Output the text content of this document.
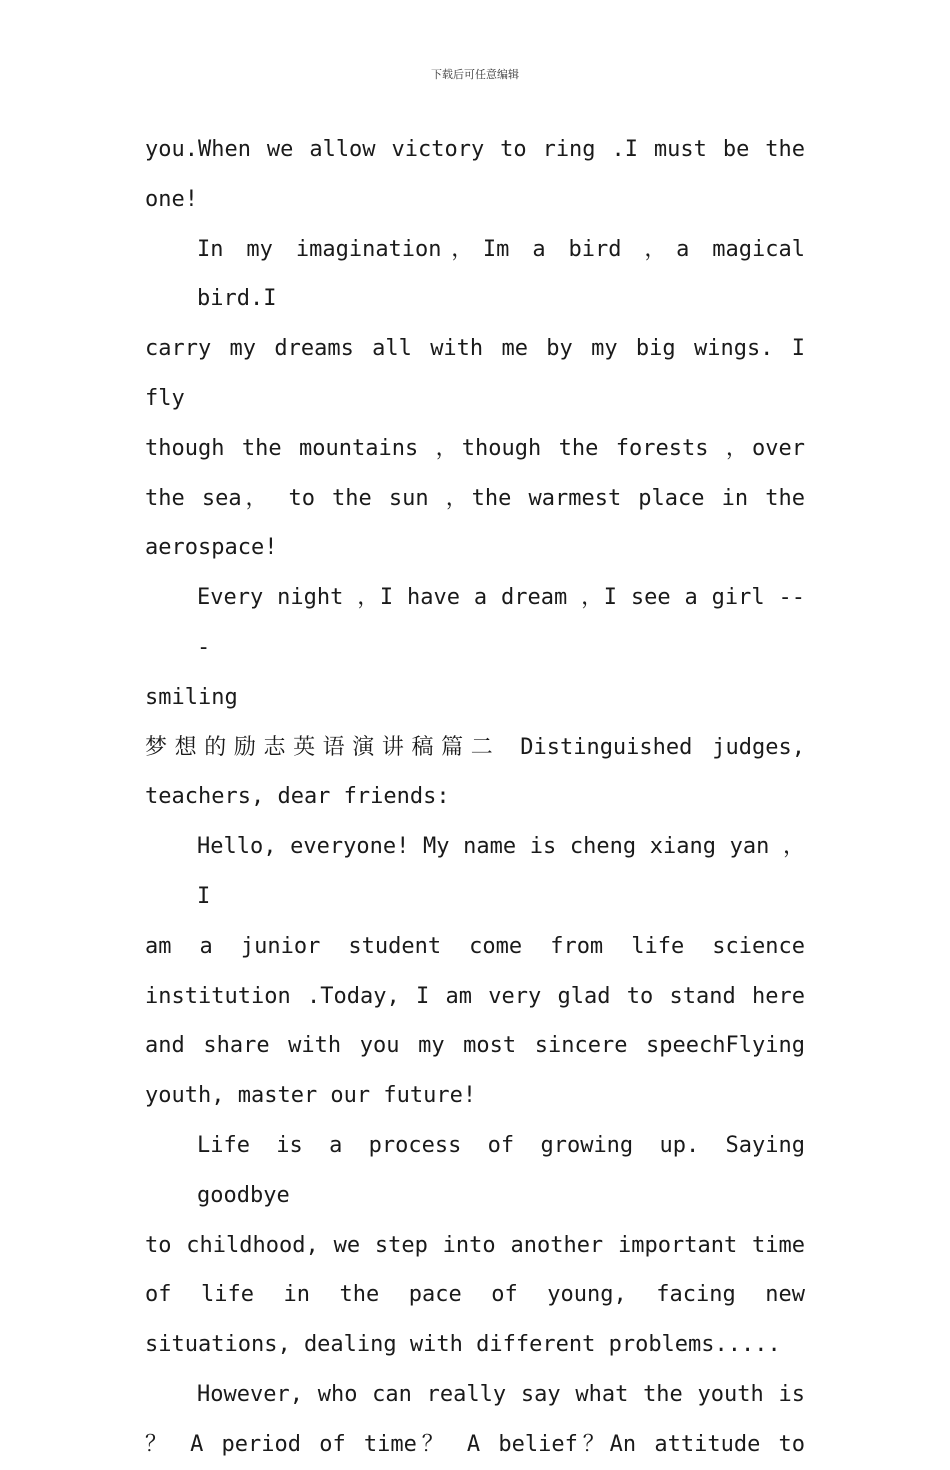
下载后可任意编辑
you.When we allow victory to ring .I must be the
one!
In my imagination，Im a bird ，a magical bird.I
carry my dreams all with me by my big wings. I fly
though the mountains ，though the forests ，over
the sea， to the sun ，the warmest place in the
aerospace!
Every night ，I have a dream ，I see a girl ---
smiling
梦想的励志英语演讲稿篇二 Distinguished judges,
teachers, dear friends:
Hello, everyone! My name is cheng xiang yan ，I
am a junior student come from life science
institution .Today, I am very glad to stand here
and share with you my most sincere speechFlying
youth, master our future!
Life is a process of growing up. Saying goodbye
to childhood, we step into another important time
of life in the pace of young, facing new
situations, dealing with different problems.....
However, who can really say what the youth is
？ A period of time？ A belief？An attitude to
